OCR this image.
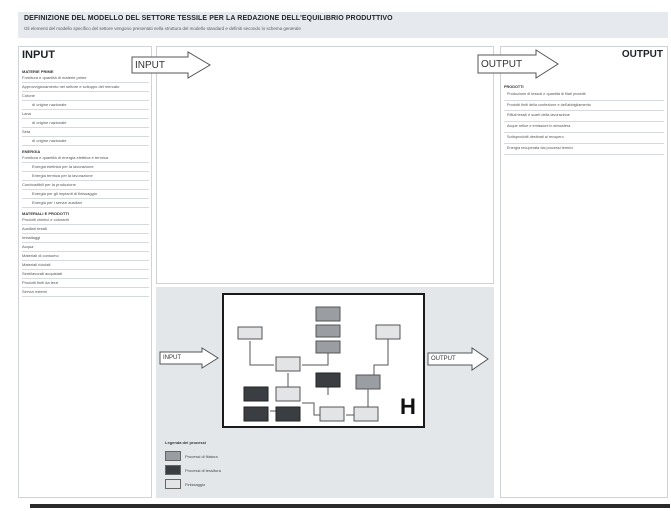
DEFINIZIONE DEL MODELLO DEL SETTORE TESSILE PER LA REDAZIONE DELL'EQUILIBRIO PRODUTTIVO
Gli elementi del modello specifico del settore vengono presentati nella struttura del modello standard e definiti secondo lo schema generale
INPUT
MATERIE PRIME
Fornitura e quantità di materie prime
Approvvigionamento nel settore e sviluppo del mercato
Cotone
di origine nazionale
Lana
di origine nazionale
Seta
di origine nazionale
ENERGIA
Fornitura e quantità di energia elettrica e termica
Energia elettrica per la lavorazione
Energia termica per la lavorazione
Combustibili per la produzione
Energia per gli impianti di finissaggio
Energia per i servizi ausiliari
MATERIALI E PRODOTTI
Prodotti chimici e coloranti
Ausiliari tessili
Imballaggi
Acqua
Materiali di consumo
Materiali riciclati
Semilavorati acquistati
Prodotti finiti da terzi
Servizi esterni
OUTPUT
PRODOTTI
Produzione di tessuti e quantità di filati prodotti
Prodotti finiti della confezione e dell'abbigliamento
Rifiuti tessili e scarti della lavorazione
Acque reflue e emissioni in atmosfera
Sottoprodotti destinati al recupero
Energia recuperata dai processi termici
INPUT	OUTPUT
INPUT	OUTPUT
H
Legenda dei processi
Processi di filatura
Processi di tessitura
Finissaggio
